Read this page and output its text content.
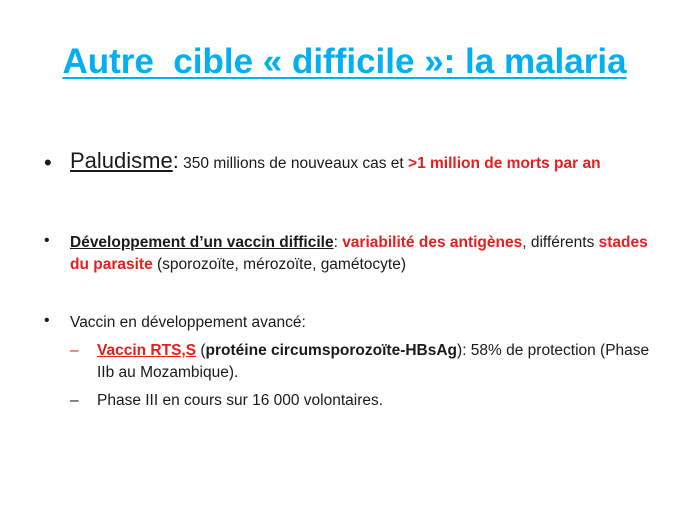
Autre  cible « difficile »: la malaria
• Paludisme: 350 millions de nouveaux cas et >1 million de morts par an
• Développement d’un vaccin difficile: variabilité des antigènes, différents stades du parasite (sporozoïte, mérozoïte, gamétocyte)
• Vaccin en développement avancé:
– Vaccin RTS,S (protéine circumsporozoïte-HBsAg): 58% de protection (Phase IIb au Mozambique).
– Phase III en cours sur 16 000 volontaires.
